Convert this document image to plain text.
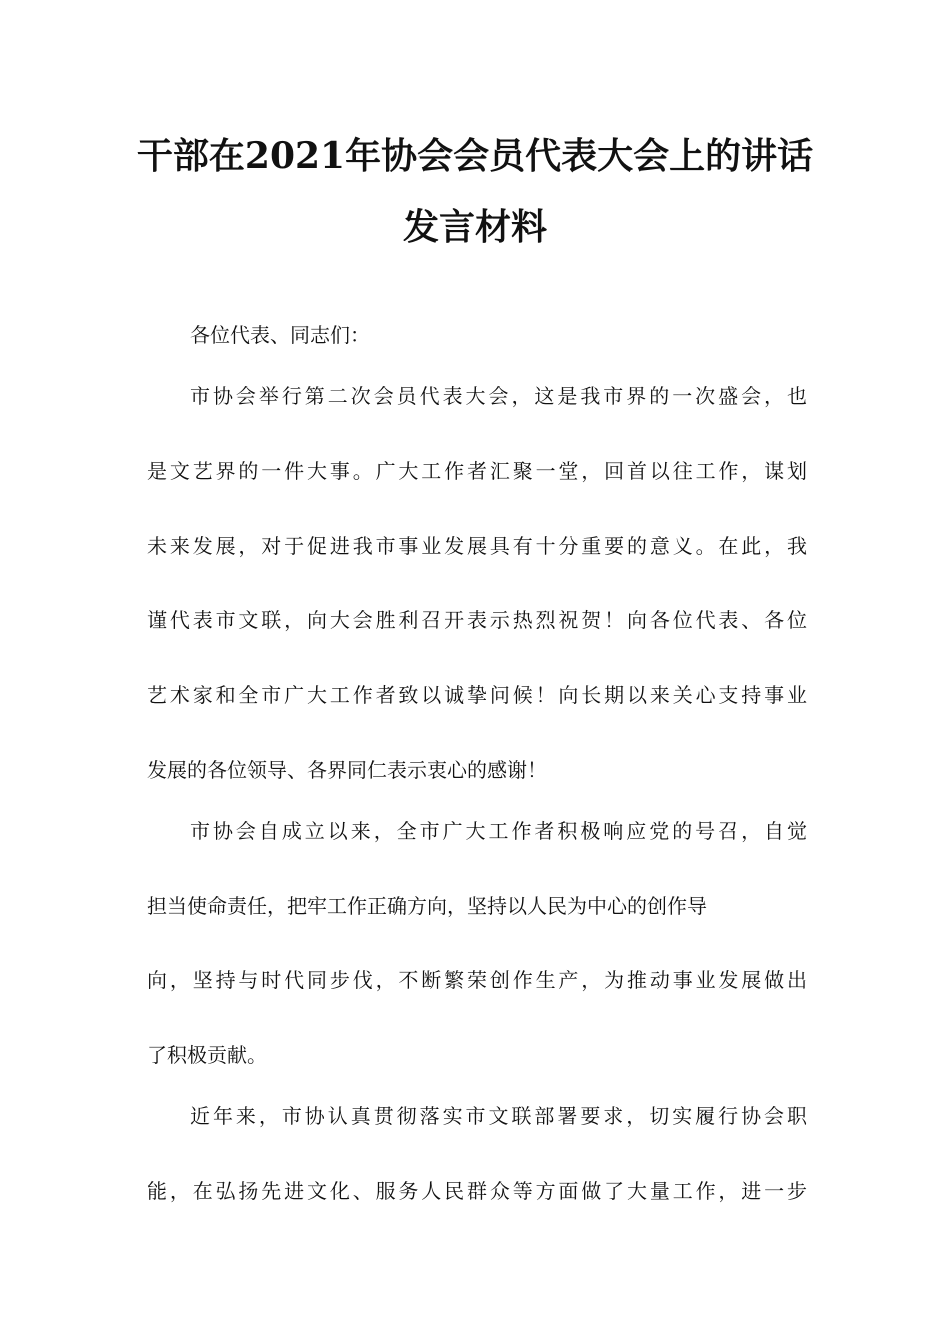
干部在2021年协会会员代表大会上的讲话
发言材料
各位代表、同志们：
市协会举行第二次会员代表大会，这是我市界的一次盛会，也
是文艺界的一件大事。广大工作者汇聚一堂，回首以往工作，谋划
未来发展，对于促进我市事业发展具有十分重要的意义。在此，我
谨代表市文联，向大会胜利召开表示热烈祝贺！向各位代表、各位
艺术家和全市广大工作者致以诚挚问候！向长期以来关心支持事业
发展的各位领导、各界同仁表示衷心的感谢！
市协会自成立以来，全市广大工作者积极响应党的号召，自觉
担当使命责任，把牢工作正确方向，坚持以人民为中心的创作导
向，坚持与时代同步伐，不断繁荣创作生产，为推动事业发展做出
了积极贡献。
近年来，市协认真贯彻落实市文联部署要求，切实履行协会职
能，在弘扬先进文化、服务人民群众等方面做了大量工作，进一步
